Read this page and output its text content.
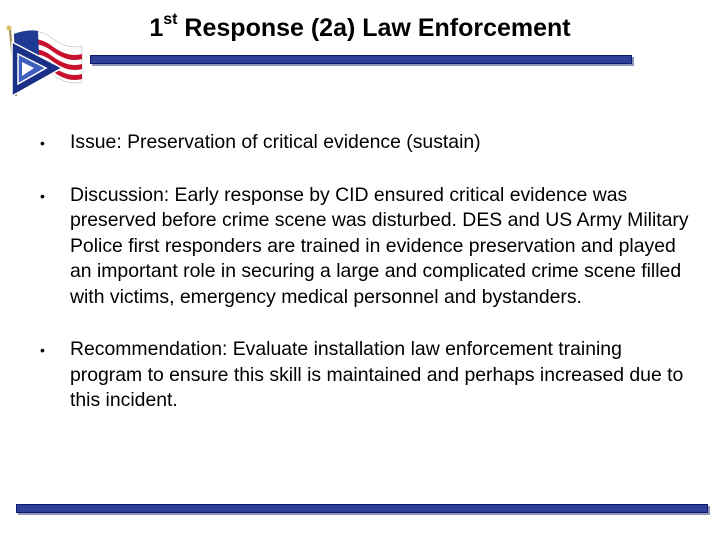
1st Response (2a) Law Enforcement
• Issue: Preservation of critical evidence (sustain)
• Discussion: Early response by CID ensured critical evidence was preserved before crime scene was disturbed. DES and US Army Military Police first responders are trained in evidence preservation and played an important role in securing a large and complicated crime scene filled with victims, emergency medical personnel and bystanders.
• Recommendation: Evaluate installation law enforcement training program to ensure this skill is maintained and perhaps increased due to this incident.
